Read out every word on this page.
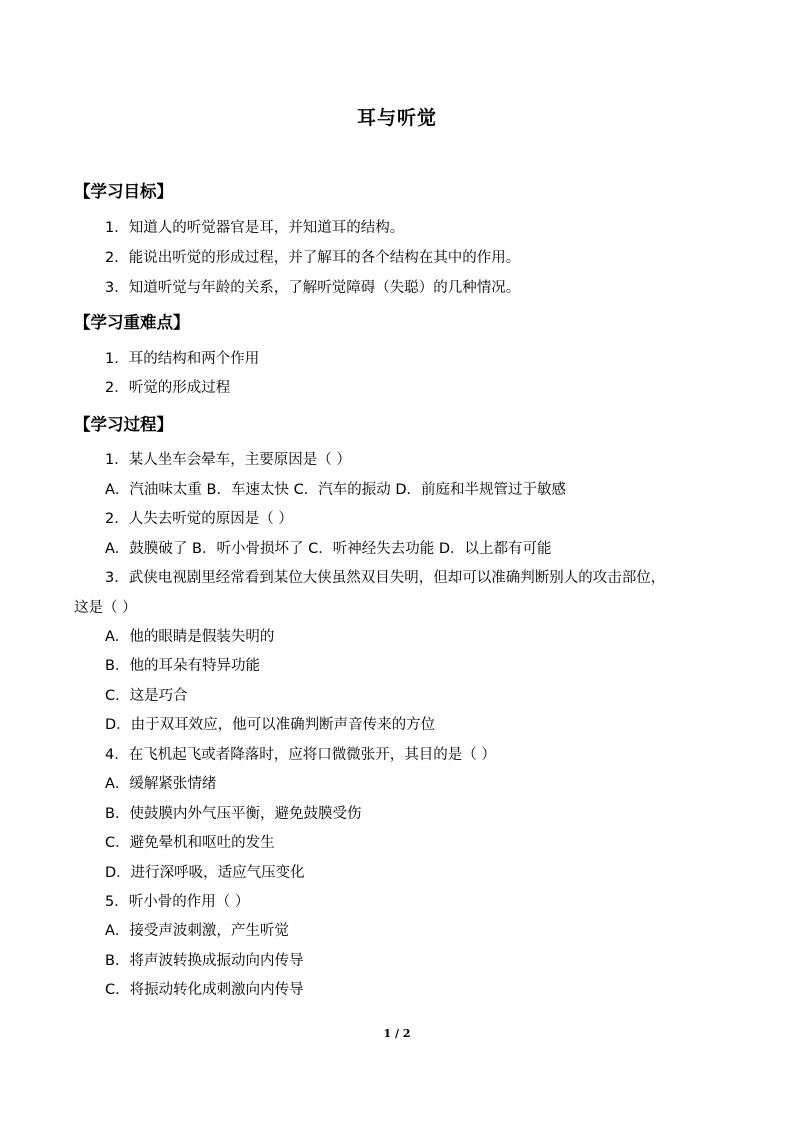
耳与听觉
【学习目标】

1．知道人的听觉器官是耳，并知道耳的结构。

2．能说出听觉的形成过程，并了解耳的各个结构在其中的作用。

3．知道听觉与年龄的关系，了解听觉障碍（失聪）的几种情况。

【学习重难点】

1．耳的结构和两个作用

2．听觉的形成过程

【学习过程】

1．某人坐车会晕车，主要原因是（ ）

A．汽油味太重 B．车速太快 C．汽车的振动 D．前庭和半规管过于敏感

2．人失去听觉的原因是（ ）

A．鼓膜破了 B．听小骨损坏了 C．听神经失去功能 D．以上都有可能

3．武侠电视剧里经常看到某位大侠虽然双目失明，但却可以准确判断别人的攻击部位，

这是（ ）

A．他的眼睛是假装失明的

B．他的耳朵有特异功能

C．这是巧合

D．由于双耳效应，他可以准确判断声音传来的方位

4．在飞机起飞或者降落时，应将口微微张开，其目的是（ ）

A．缓解紧张情绪

B．使鼓膜内外气压平衡，避免鼓膜受伤

C．避免晕机和呕吐的发生

D．进行深呼吸，适应气压变化

5．听小骨的作用（ ）

A．接受声波刺激，产生听觉

B．将声波转换成振动向内传导

C．将振动转化成刺激向内传导

1 / 2
